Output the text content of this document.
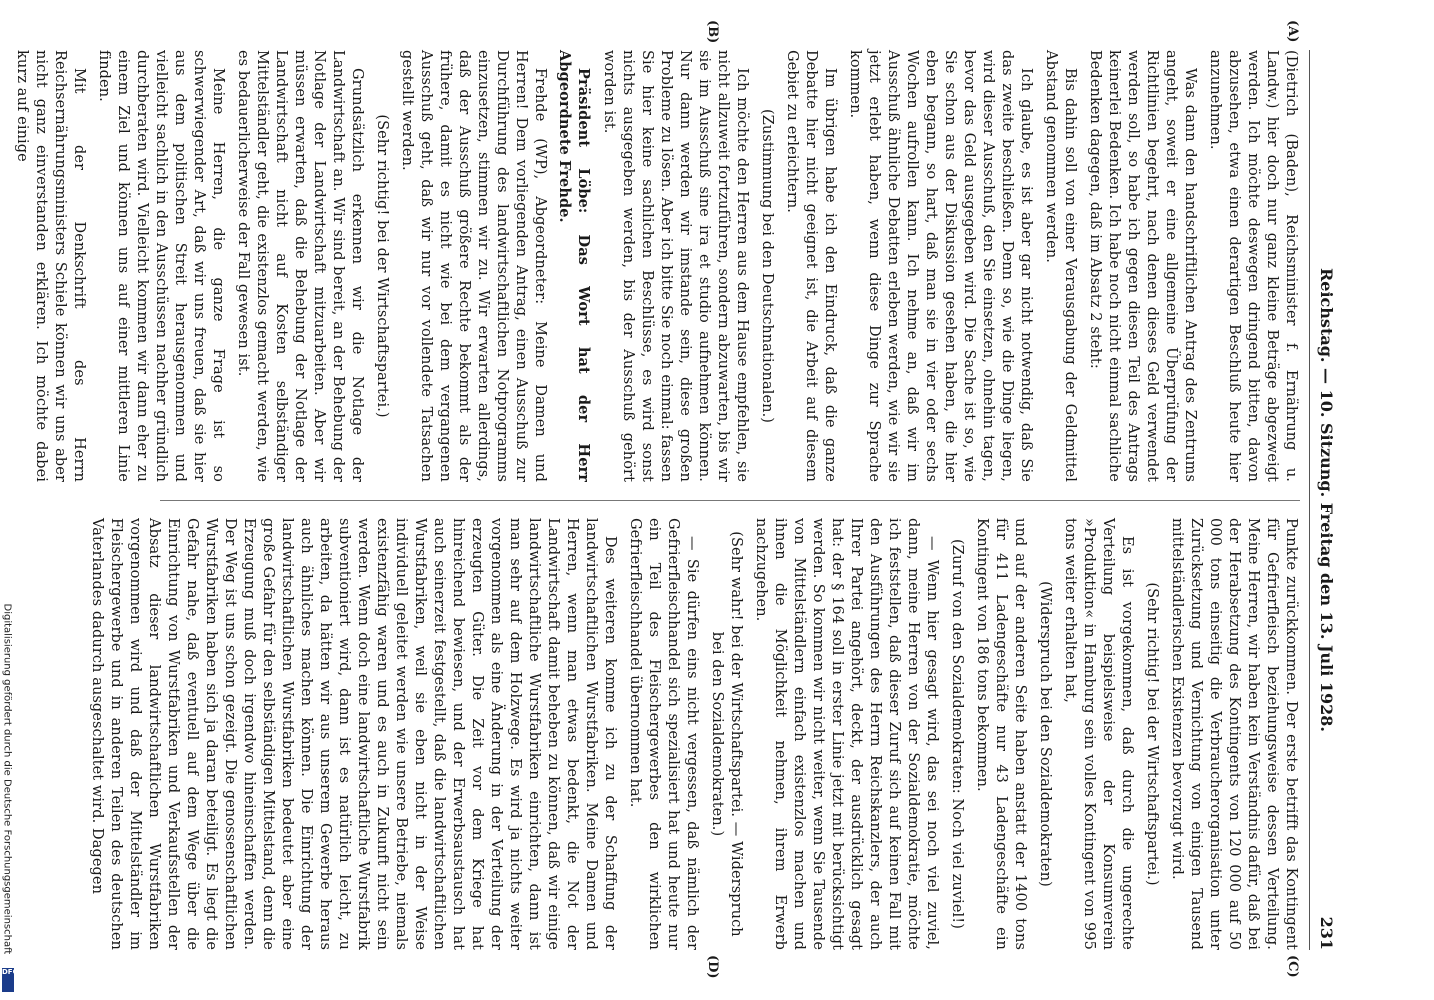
Reichstag. — 10. Sitzung. Freitag den 13. Juli 1928.
231
(A)
(B)
(C)
(D)

(Dietrich (Baden), Reichsminister f. Ernährung u. Landw.) hier doch nur ganz kleine Beträge abgezweigt werden. Ich möchte deswegen dringend bitten, davon abzusehen, etwa einen derartigen Beschluß heute hier anzunehmen.

Was dann den handschriftlichen Antrag des Zentrums angeht, soweit er eine allgemeine Überprüfung der Richtlinien begehrt, nach denen dieses Geld verwendet werden soll, so habe ich gegen diesen Teil des Antrags keinerlei Bedenken. Ich habe noch nicht einmal sachliche Bedenken dagegen, daß im Absatz 2 steht:

Bis dahin soll von einer Verausgabung der Geldmittel Abstand genommen werden.

Ich glaube, es ist aber gar nicht notwendig, daß Sie das zweite beschließen. Denn so, wie die Dinge liegen, wird dieser Ausschuß, den Sie einsetzen, ohnehin tagen, bevor das Geld ausgegeben wird. Die Sache ist so, wie Sie schon aus der Diskussion gesehen haben, die hier eben begann, so hart, daß man sie in vier oder sechs Wochen aufrollen kann. Ich nehme an, daß wir im Ausschuß ähnliche Debatten erleben werden, wie wir sie jetzt erlebt haben, wenn diese Dinge zur Sprache kommen.

Im übrigen habe ich den Eindruck, daß die ganze Debatte hier nicht geeignet ist, die Arbeit auf diesem Gebiet zu erleichtern.

(Zustimmung bei den Deutschnationalen.)

Ich möchte den Herren aus dem Hause empfehlen, sie nicht allzuweit fortzuführen, sondern abzuwarten, bis wir sie im Ausschuß sine ira et studio aufnehmen können. Nur dann werden wir imstande sein, diese großen Probleme zu lösen. Aber ich bitte Sie noch einmal: fassen Sie hier keine sachlichen Beschlüsse, es wird sonst nichts ausgegeben werden, bis der Ausschuß gehört worden ist.

Präsident Löbe: Das Wort hat der Herr Abgeordnete Frehde.

Frehde (WP), Abgeordneter: Meine Damen und Herren! Dem vorliegenden Antrag, einen Ausschuß zur Durchführung des landwirtschaftlichen Notprogramms einzusetzen, stimmen wir zu. Wir erwarten allerdings, daß der Ausschuß größere Rechte bekommt als der frühere, damit es nicht wie bei dem vergangenen Ausschuß geht, daß wir nur vor vollendete Tatsachen gestellt werden.

(Sehr richtig! bei der Wirtschaftspartei.)

Grundsätzlich erkennen wir die Notlage der Landwirtschaft an. Wir sind bereit, an der Behebung der Notlage der Landwirtschaft mitzuarbeiten. Aber wir müssen erwarten, daß die Behebung der Notlage der Landwirtschaft nicht auf Kosten selbständiger Mittelständler geht, die existenzlos gemacht werden, wie es bedauerlicherweise der Fall gewesen ist.

Meine Herren, die ganze Frage ist so schwerwiegender Art, daß wir uns freuen, daß sie hier aus dem politischen Streit herausgenommen und vielleicht sachlich in den Ausschüssen nachher gründlich durchberaten wird. Vielleicht kommen wir dann eher zu einem Ziel und können uns auf einer mittleren Linie finden.

Mit der Denkschrift des Herrn Reichsernährungsministers Schiele können wir uns aber nicht ganz einverstanden erklären. Ich möchte dabei kurz auf einige

Punkte zurückkommen. Der erste betrifft das Kontingent für Gefrierfleisch beziehungsweise dessen Verteilung. Meine Herren, wir haben kein Verständnis dafür, daß bei der Herabsetzung des Kontingents von 120 000 auf 50 000 tons einseitig die Verbraucherorganisation unter Zurücksetzung und Vernichtung von einigen Tausend mittelständlerischen Existenzen bevorzugt wird.

(Sehr richtig! bei der Wirtschaftspartei.)

Es ist vorgekommen, daß durch die ungerechte Verteilung beispielsweise der Konsumverein »Produktion« in Hamburg sein volles Kontingent von 995 tons weiter erhalten hat,

(Widerspruch bei den Sozialdemokraten)

und auf der anderen Seite haben anstatt der 1400 tons für 411 Ladengeschäfte nur 43 Ladengeschäfte ein Kontingent von 186 tons bekommen.

(Zuruf von den Sozialdemokraten: Noch viel zuviel!)

— Wenn hier gesagt wird, das sei noch viel zuviel, dann, meine Herren von der Sozialdemokratie, möchte ich feststellen, daß dieser Zuruf sich auf keinen Fall mit den Ausführungen des Herrn Reichskanzlers, der auch Ihrer Partei angehört, deckt, der ausdrücklich gesagt hat: der § 164 soll in erster Linie jetzt mit berücksichtigt werden. So kommen wir nicht weiter, wenn Sie Tausende von Mittelständlern einfach existenzlos machen und ihnen die Möglichkeit nehmen, ihrem Erwerb nachzugehen.

(Sehr wahr! bei der Wirtschaftspartei. — Widerspruch bei den Sozialdemokraten.)

— Sie dürfen eins nicht vergessen, daß nämlich der Gefrierfleischhandel sich spezialisiert hat und heute nur ein Teil des Fleischergewerbes den wirklichen Gefrierfleischhandel übernommen hat.

Des weiteren komme ich zu der Schaffung der landwirtschaftlichen Wurstfabriken. Meine Damen und Herren, wenn man etwas bedenkt, die Not der Landwirtschaft damit beheben zu können, daß wir einige landwirtschaftliche Wurstfabriken einrichten, dann ist man sehr auf dem Holzwege. Es wird ja nichts weiter vorgenommen als eine Änderung in der Verteilung der erzeugten Güter. Die Zeit vor dem Kriege hat hinreichend bewiesen, und der Erwerbsaustausch hat auch seinerzeit festgestellt, daß die landwirtschaftlichen Wurstfabriken, weil sie eben nicht in der Weise individuell geleitet werden wie unsere Betriebe, niemals existenzfähig waren und es auch in Zukunft nicht sein werden. Wenn doch eine landwirtschaftliche Wurstfabrik subventioniert wird, dann ist es natürlich leicht, zu arbeiten, da hätten wir aus unserem Gewerbe heraus auch ähnliches machen können. Die Einrichtung der landwirtschaftlichen Wurstfabriken bedeutet aber eine große Gefahr für den selbständigen Mittelstand, denn die Erzeugung muß doch irgendwo hineinschaffen werden. Der Weg ist uns schon gezeigt. Die genossenschaftlichen Wurstfabriken haben sich ja daran beteiligt. Es liegt die Gefahr nahe, daß eventuell auf dem Wege über die Einrichtung von Wurstfabriken und Verkaufsstellen der Absatz dieser landwirtschaftlichen Wurstfabriken vorgenommen wird und daß der Mittelständler im Fleischergewerbe und in anderen Teilen des deutschen Vaterlandes dadurch ausgeschaltet wird. Dagegen

Digitalisierung gefördert durch die Deutsche Forschungsgemeinschaft
DFG
